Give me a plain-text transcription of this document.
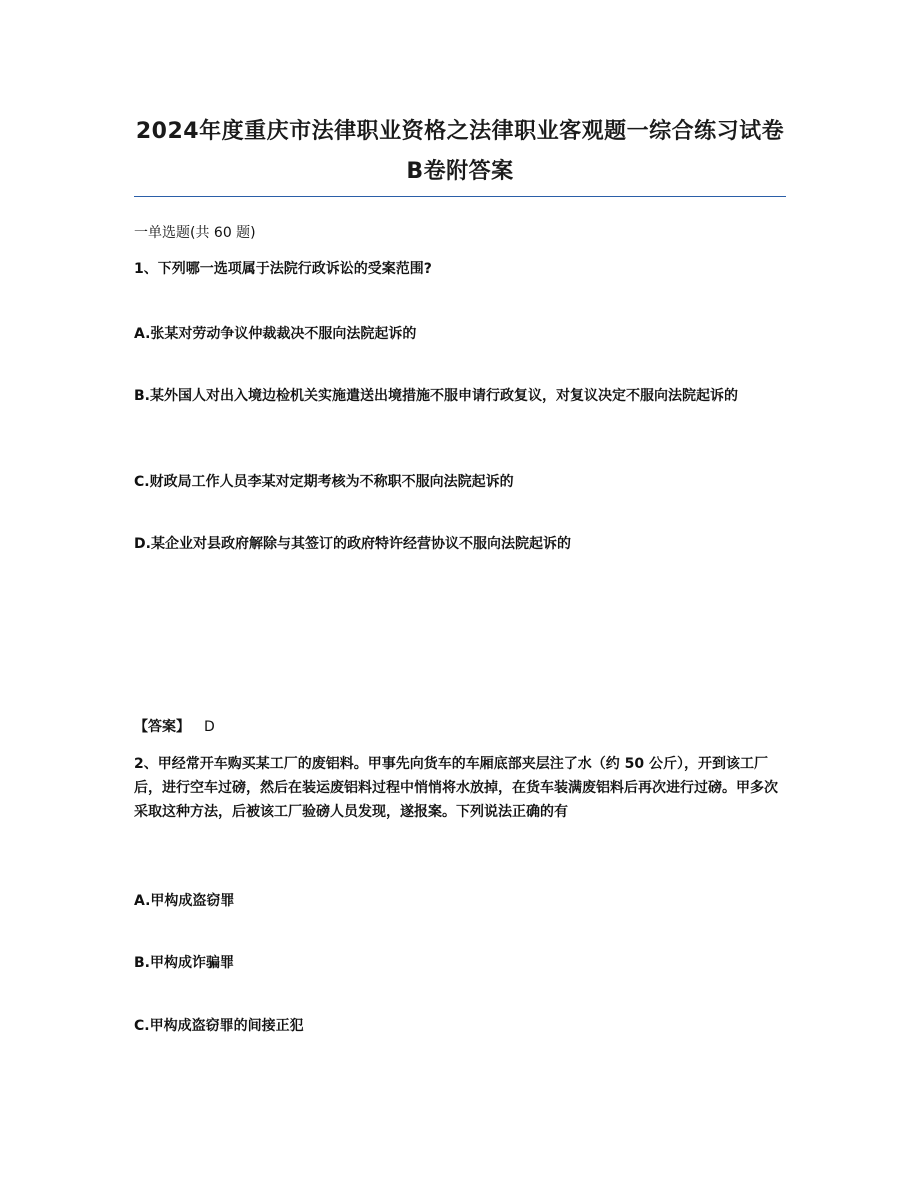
2024年度重庆市法律职业资格之法律职业客观题一综合练习试卷B卷附答案
一单选题(共 60 题)
1、下列哪一选项属于法院行政诉讼的受案范围?
A.张某对劳动争议仲裁裁决不服向法院起诉的
B.某外国人对出入境边检机关实施遣送出境措施不服申请行政复议，对复议决定不服向法院起诉的
C.财政局工作人员李某对定期考核为不称职不服向法院起诉的
D.某企业对县政府解除与其签订的政府特许经营协议不服向法院起诉的
【答案】 D
2、甲经常开车购买某工厂的废铝料。甲事先向货车的车厢底部夹层注了水（约 50 公斤），开到该工厂后，进行空车过磅，然后在装运废铝料过程中悄悄将水放掉，在货车装满废铝料后再次进行过磅。甲多次采取这种方法，后被该工厂验磅人员发现，遂报案。下列说法正确的有
A.甲构成盗窃罪
B.甲构成诈骗罪
C.甲构成盗窃罪的间接正犯
